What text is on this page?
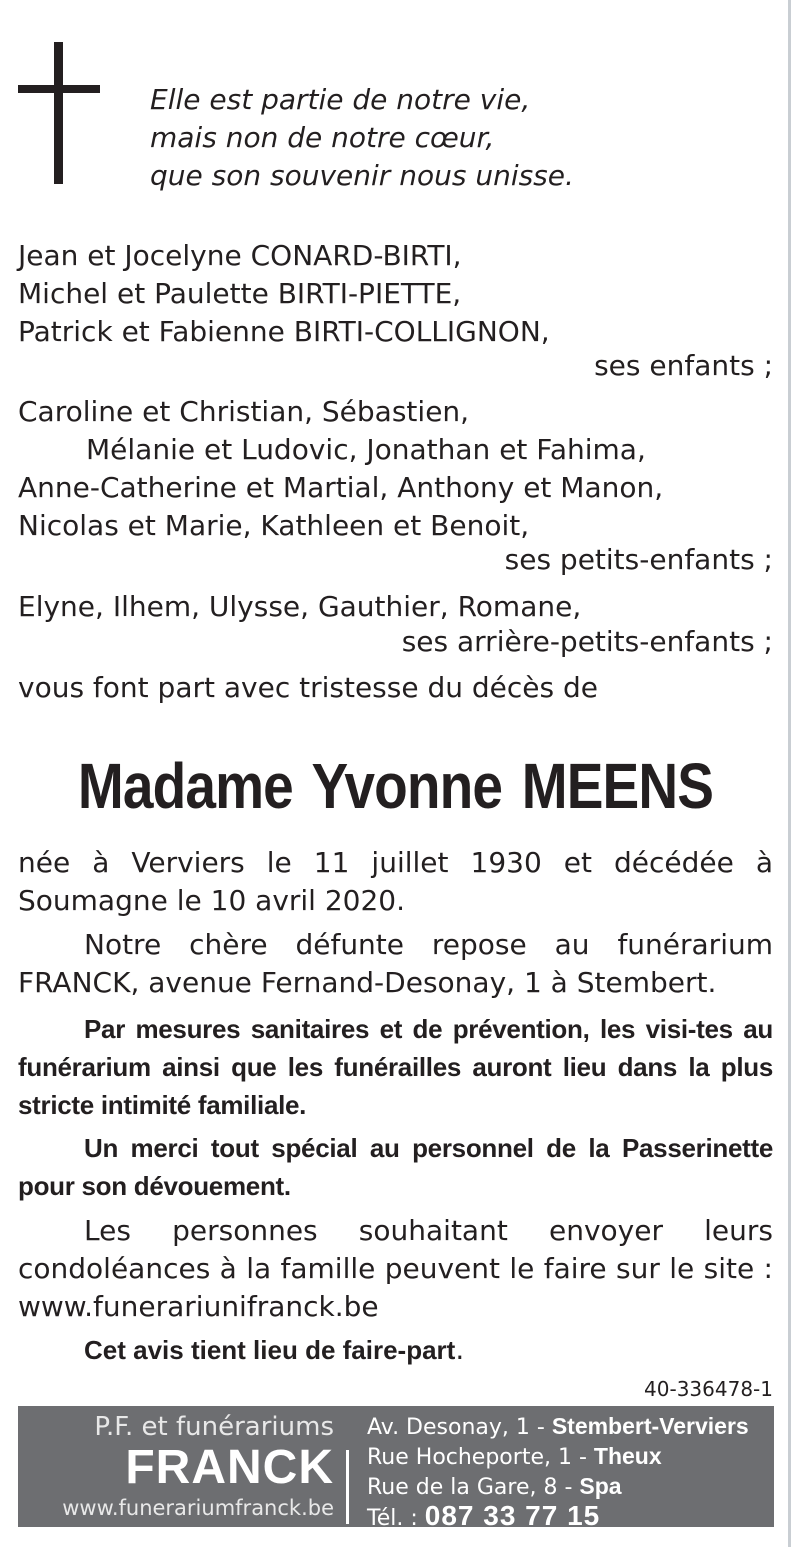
Elle est partie de notre vie,
mais non de notre cœur,
que son souvenir nous unisse.
Jean et Jocelyne CONARD-BIRTI,
Michel et Paulette BIRTI-PIETTE,
Patrick et Fabienne BIRTI-COLLIGNON,
ses enfants ;
Caroline et Christian, Sébastien,
Mélanie et Ludovic, Jonathan et Fahima,
Anne-Catherine et Martial, Anthony et Manon,
Nicolas et Marie, Kathleen et Benoit,
ses petits-enfants ;
Elyne, Ilhem, Ulysse, Gauthier, Romane,
ses arrière-petits-enfants ;
vous font part avec tristesse du décès de
Madame Yvonne MEENS
née à Verviers le 11 juillet 1930 et décédée à Soumagne le 10 avril 2020.
Notre chère défunte repose au funérarium FRANCK, avenue Fernand-Desonay, 1 à Stembert.
Par mesures sanitaires et de prévention, les visi-tes au funérarium ainsi que les funérailles auront lieu dans la plus stricte intimité familiale.
Un merci tout spécial au personnel de la Passerinette pour son dévouement.
Les personnes souhaitant envoyer leurs condoléances à la famille peuvent le faire sur le site : www.funerariunifranck.be
Cet avis tient lieu de faire-part.
40-336478-1
P.F. et funérariums
FRANCK
www.funerariumfranck.be
Av. Desonay, 1 - Stembert-Verviers
Rue Hocheporte, 1 - Theux
Rue de la Gare, 8 - Spa
Tél. : 087 33 77 15
